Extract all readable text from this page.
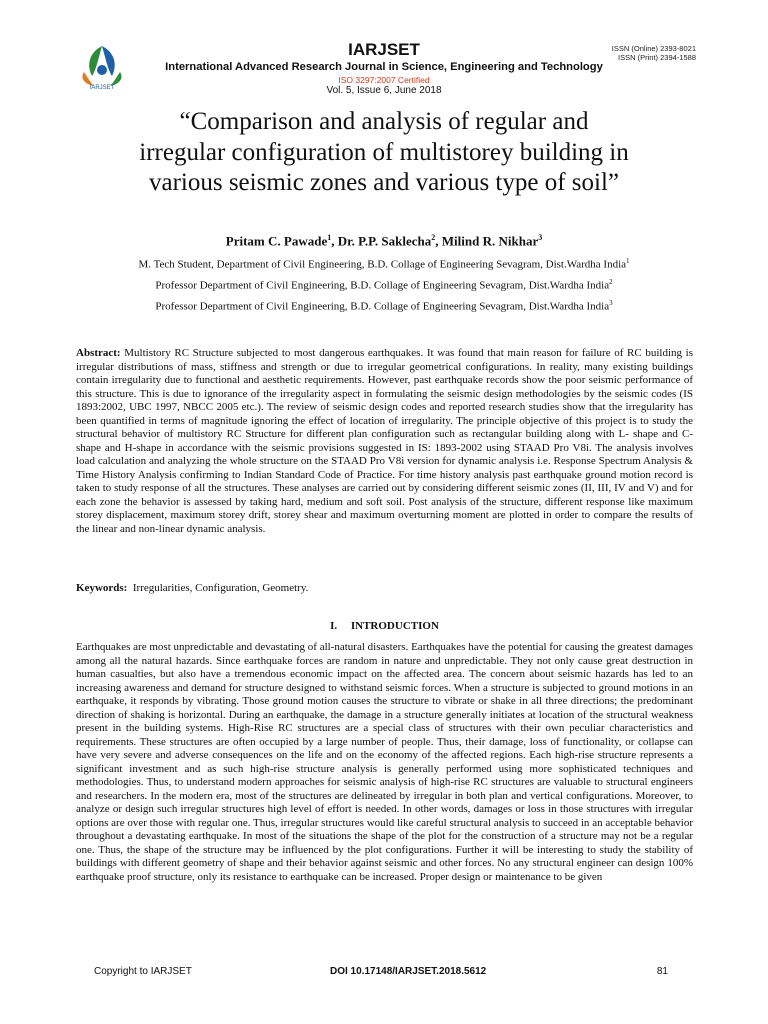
IARJSET
ISSN (Online) 2393-8021
ISSN (Print) 2394-1588
IARJSET
International Advanced Research Journal in Science, Engineering and Technology
ISO 3297:2007 Certified
Vol. 5, Issue 6, June 2018
“Comparison and analysis of regular and
irregular configuration of multistorey building in
various seismic zones and various type of soil”
Pritam C. Pawade$^1$, Dr. P.P. Saklecha$^2$, Milind R. Nikhar$^3$
M. Tech Student, Department of Civil Engineering, B.D. Collage of Engineering Sevagram, Dist.Wardha India$^1$
Professor Department of Civil Engineering, B.D. Collage of Engineering Sevagram, Dist.Wardha India$^2$
Professor Department of Civil Engineering, B.D. Collage of Engineering Sevagram, Dist.Wardha India$^3$
Abstract: Multistory RC Structure subjected to most dangerous earthquakes. It was found that main reason for failure of RC building is irregular distributions of mass, stiffness and strength or due to irregular geometrical configurations. In reality, many existing buildings contain irregularity due to functional and aesthetic requirements. However, past earthquake records show the poor seismic performance of this structure. This is due to ignorance of the irregularity aspect in formulating the seismic design methodologies by the seismic codes (IS 1893:2002, UBC 1997, NBCC 2005 etc.). The review of seismic design codes and reported research studies show that the irregularity has been quantified in terms of magnitude ignoring the effect of location of irregularity. The principle objective of this project is to study the structural behavior of multistory RC Structure for different plan configuration such as rectangular building along with L- shape and C- shape and H-shape in accordance with the seismic provisions suggested in IS: 1893-2002 using STAAD Pro V8i. The analysis involves load calculation and analyzing the whole structure on the STAAD Pro V8i version for dynamic analysis i.e. Response Spectrum Analysis & Time History Analysis confirming to Indian Standard Code of Practice. For time history analysis past earthquake ground motion record is taken to study response of all the structures. These analyses are carried out by considering different seismic zones (II, III, IV and V) and for each zone the behavior is assessed by taking hard, medium and soft soil. Post analysis of the structure, different response like maximum storey displacement, maximum storey drift, storey shear and maximum overturning moment are plotted in order to compare the results of the linear and non-linear dynamic analysis.
Keywords: Irregularities, Configuration, Geometry.
I. INTRODUCTION
Earthquakes are most unpredictable and devastating of all-natural disasters. Earthquakes have the potential for causing the greatest damages among all the natural hazards. Since earthquake forces are random in nature and unpredictable. They not only cause great destruction in human casualties, but also have a tremendous economic impact on the affected area. The concern about seismic hazards has led to an increasing awareness and demand for structure designed to withstand seismic forces. When a structure is subjected to ground motions in an earthquake, it responds by vibrating. Those ground motion causes the structure to vibrate or shake in all three directions; the predominant direction of shaking is horizontal. During an earthquake, the damage in a structure generally initiates at location of the structural weakness present in the building systems. High-Rise RC structures are a special class of structures with their own peculiar characteristics and requirements. These structures are often occupied by a large number of people. Thus, their damage, loss of functionality, or collapse can have very severe and adverse consequences on the life and on the economy of the affected regions. Each high-rise structure represents a significant investment and as such high-rise structure analysis is generally performed using more sophisticated techniques and methodologies. Thus, to understand modern approaches for seismic analysis of high-rise RC structures are valuable to structural engineers and researchers. In the modern era, most of the structures are delineated by irregular in both plan and vertical configurations. Moreover, to analyze or design such irregular structures high level of effort is needed. In other words, damages or loss in those structures with irregular options are over those with regular one. Thus, irregular structures would like careful structural analysis to succeed in an acceptable behavior throughout a devastating earthquake. In most of the situations the shape of the plot for the construction of a structure may not be a regular one. Thus, the shape of the structure may be influenced by the plot configurations. Further it will be interesting to study the stability of buildings with different geometry of shape and their behavior against seismic and other forces. No any structural engineer can design 100% earthquake proof structure, only its resistance to earthquake can be increased. Proper design or maintenance to be given
Copyright to IARJSET	DOI 10.17148/IARJSET.2018.5612	81
